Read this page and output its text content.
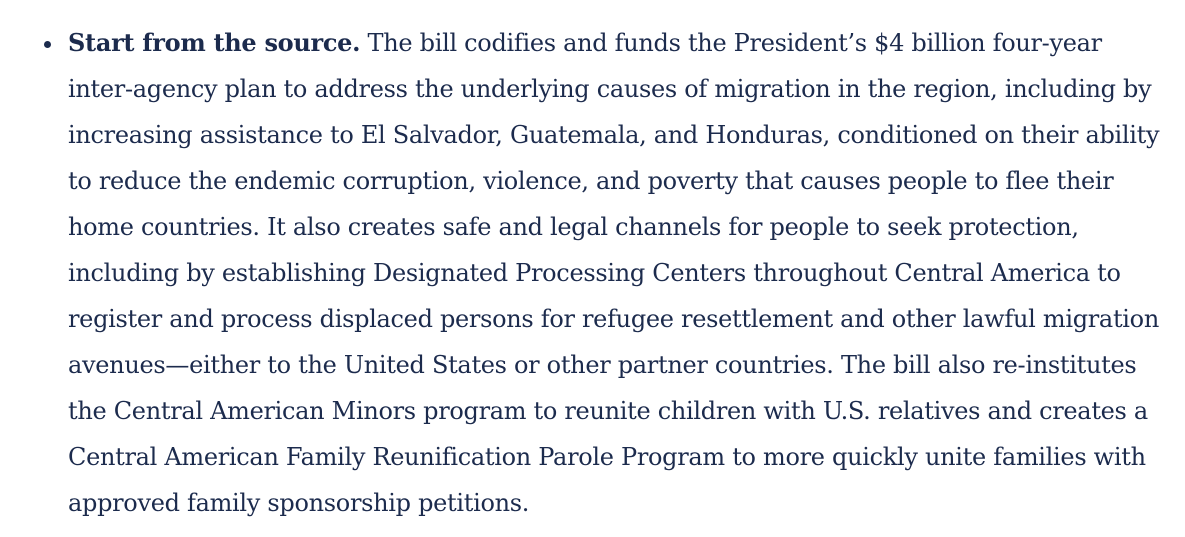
Start from the source. The bill codifies and funds the President’s $4 billion four-year inter-agency plan to address the underlying causes of migration in the region, including by increasing assistance to El Salvador, Guatemala, and Honduras, conditioned on their ability to reduce the endemic corruption, violence, and poverty that causes people to flee their home countries. It also creates safe and legal channels for people to seek protection, including by establishing Designated Processing Centers throughout Central America to register and process displaced persons for refugee resettlement and other lawful migration avenues—either to the United States or other partner countries. The bill also re-institutes the Central American Minors program to reunite children with U.S. relatives and creates a Central American Family Reunification Parole Program to more quickly unite families with approved family sponsorship petitions.
